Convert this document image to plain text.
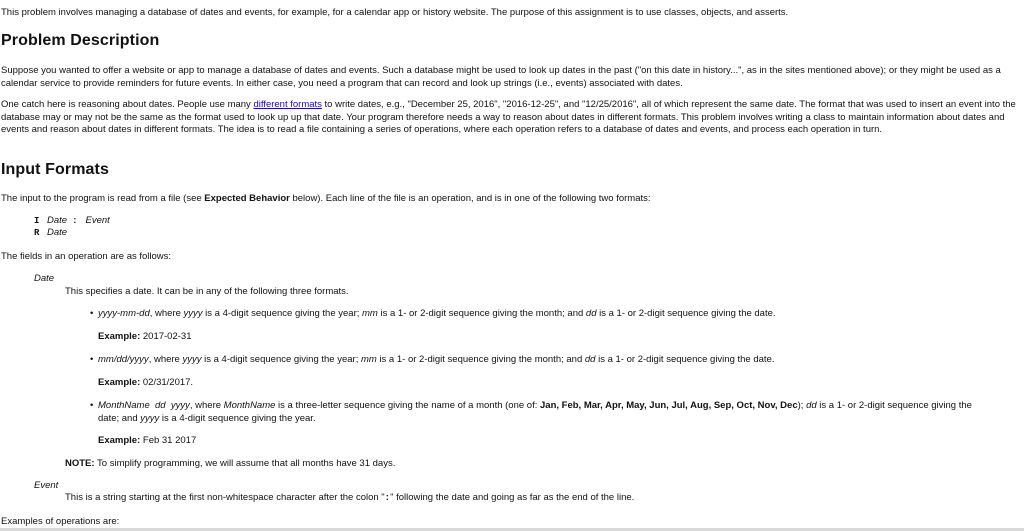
This problem involves managing a database of dates and events, for example, for a calendar app or history website. The purpose of this assignment is to use classes, objects, and asserts.

Problem Description

Suppose you wanted to offer a website or app to manage a database of dates and events. Such a database might be used to look up dates in the past ("on this date in history...", as in the sites mentioned above); or they might be used as a calendar service to provide reminders for future events. In either case, you need a program that can record and look up strings (i.e., events) associated with dates.

One catch here is reasoning about dates. People use many different formats to write dates, e.g., "December 25, 2016", "2016-12-25", and "12/25/2016", all of which represent the same date. The format that was used to insert an event into the database may or may not be the same as the format used to look up up that date. Your program therefore needs a way to reason about dates in different formats. This problem involves writing a class to maintain information about dates and events and reason about dates in different formats. The idea is to read a file containing a series of operations, where each operation refers to a database of dates and events, and process each operation in turn.

Input Formats

The input to the program is read from a file (see Expected Behavior below). Each line of the file is an operation, and is in one of the following two formats:

I Date : Event
R Date

The fields in an operation are as follows:

Date
This specifies a date. It can be in any of the following three formats.
• yyyy-mm-dd, where yyyy is a 4-digit sequence giving the year; mm is a 1- or 2-digit sequence giving the month; and dd is a 1- or 2-digit sequence giving the date.
Example: 2017-02-31
• mm/dd/yyyy, where yyyy is a 4-digit sequence giving the year; mm is a 1- or 2-digit sequence giving the month; and dd is a 1- or 2-digit sequence giving the date.
Example: 02/31/2017.
• MonthName  dd  yyyy, where MonthName is a three-letter sequence giving the name of a month (one of: Jan, Feb, Mar, Apr, May, Jun, Jul, Aug, Sep, Oct, Nov, Dec); dd is a 1- or 2-digit sequence giving the date; and yyyy is a 4-digit sequence giving the year.
Example: Feb 31 2017
NOTE: To simplify programming, we will assume that all months have 31 days.
Event
This is a string starting at the first non-whitespace character after the colon ":" following the date and going as far as the end of the line.

Examples of operations are:
